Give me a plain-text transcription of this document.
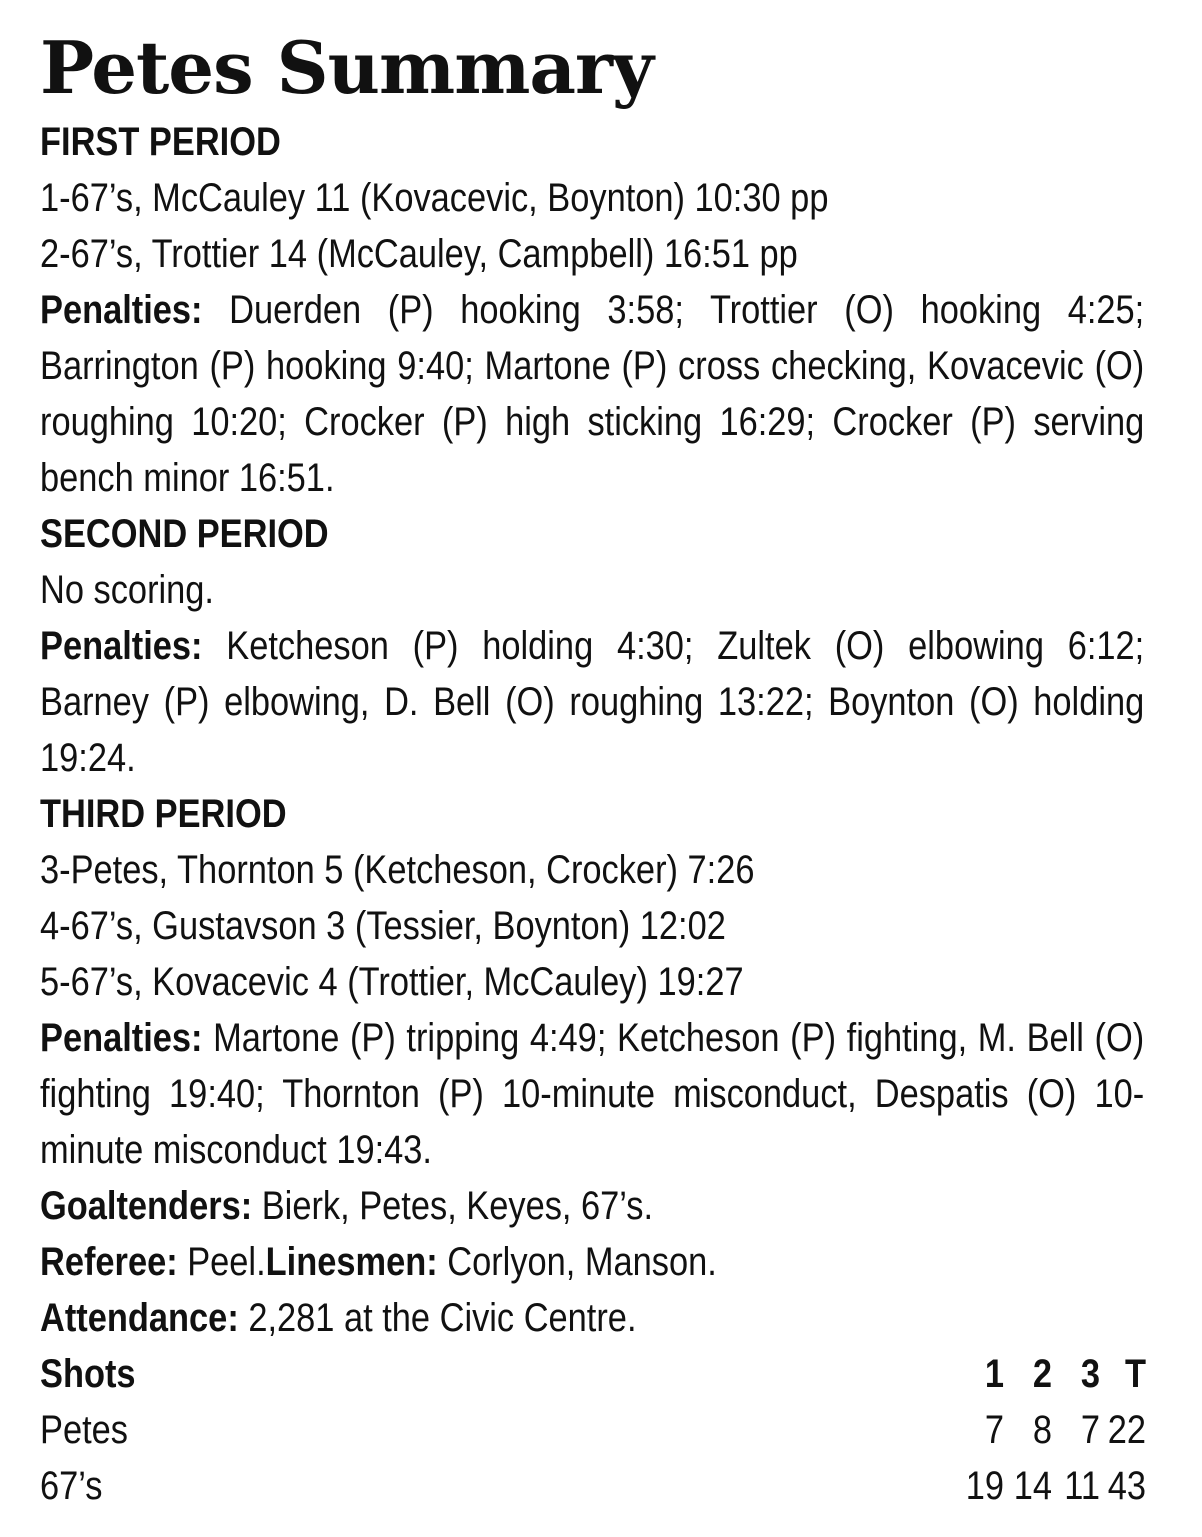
Petes Summary
FIRST PERIOD
1-67’s, McCauley 11 (Kovacevic, Boynton) 10:30 pp
2-67’s, Trottier 14 (McCauley, Campbell) 16:51 pp
Penalties: Duerden (P) hooking 3:58; Trottier (O) hooking 4:25; Barrington (P) hooking 9:40; Martone (P) cross checking, Kovacevic (O) roughing 10:20; Crocker (P) high sticking 16:29; Crocker (P) serving bench minor 16:51.
SECOND PERIOD
No scoring.
Penalties: Ketcheson (P) holding 4:30; Zultek (O) elbowing 6:12; Barney (P) elbowing, D. Bell (O) roughing 13:22; Boynton (O) holding 19:24.
THIRD PERIOD
3-Petes, Thornton 5 (Ketcheson, Crocker) 7:26
4-67’s, Gustavson 3 (Tessier, Boynton) 12:02
5-67’s, Kovacevic 4 (Trottier, McCauley) 19:27
Penalties: Martone (P) tripping 4:49; Ketcheson (P) fighting, M. Bell (O) fighting 19:40; Thornton (P) 10-minute misconduct, Despatis (O) 10-minute misconduct 19:43.
Goaltenders: Bierk, Petes, Keyes, 67’s.
Referee: Peel.Linesmen: Corlyon, Manson.
Attendance: 2,281 at the Civic Centre.
Shots	1 2 3 T
Petes	7 8 7 22
67’s	19 14 11 43
